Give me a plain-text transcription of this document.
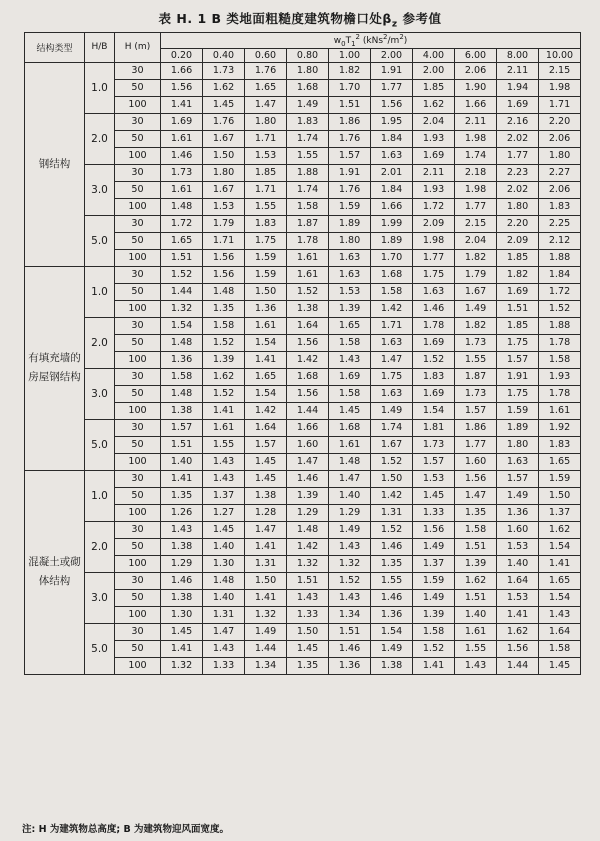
表 H. 1 B 类地面粗糙度建筑物檐口处$\beta_z$ 参考值
结构类型	H/B	H (m)	$w_0T_1^2$ $(kNs^2/m^2)$									
			0.20	0.40	0.60	0.80	1.00	2.00	4.00	6.00	8.00	10.00
钢结构	1.0	30	1.66	1.73	1.76	1.80	1.82	1.91	2.00	2.06	2.11	2.15
		50	1.56	1.62	1.65	1.68	1.70	1.77	1.85	1.90	1.94	1.98
		100	1.41	1.45	1.47	1.49	1.51	1.56	1.62	1.66	1.69	1.71
	2.0	30	1.69	1.76	1.80	1.83	1.86	1.95	2.04	2.11	2.16	2.20
		50	1.61	1.67	1.71	1.74	1.76	1.84	1.93	1.98	2.02	2.06
		100	1.46	1.50	1.53	1.55	1.57	1.63	1.69	1.74	1.77	1.80
	3.0	30	1.73	1.80	1.85	1.88	1.91	2.01	2.11	2.18	2.23	2.27
		50	1.61	1.67	1.71	1.74	1.76	1.84	1.93	1.98	2.02	2.06
		100	1.48	1.53	1.55	1.58	1.59	1.66	1.72	1.77	1.80	1.83
	5.0	30	1.72	1.79	1.83	1.87	1.89	1.99	2.09	2.15	2.20	2.25
		50	1.65	1.71	1.75	1.78	1.80	1.89	1.98	2.04	2.09	2.12
		100	1.51	1.56	1.59	1.61	1.63	1.70	1.77	1.82	1.85	1.88
有填充墙的房屋钢结构	1.0	30	1.52	1.56	1.59	1.61	1.63	1.68	1.75	1.79	1.82	1.84
		50	1.44	1.48	1.50	1.52	1.53	1.58	1.63	1.67	1.69	1.72
		100	1.32	1.35	1.36	1.38	1.39	1.42	1.46	1.49	1.51	1.52
	2.0	30	1.54	1.58	1.61	1.64	1.65	1.71	1.78	1.82	1.85	1.88
		50	1.48	1.52	1.54	1.56	1.58	1.63	1.69	1.73	1.75	1.78
		100	1.36	1.39	1.41	1.42	1.43	1.47	1.52	1.55	1.57	1.58
	3.0	30	1.58	1.62	1.65	1.68	1.69	1.75	1.83	1.87	1.91	1.93
		50	1.48	1.52	1.54	1.56	1.58	1.63	1.69	1.73	1.75	1.78
		100	1.38	1.41	1.42	1.44	1.45	1.49	1.54	1.57	1.59	1.61
	5.0	30	1.57	1.61	1.64	1.66	1.68	1.74	1.81	1.86	1.89	1.92
		50	1.51	1.55	1.57	1.60	1.61	1.67	1.73	1.77	1.80	1.83
		100	1.40	1.43	1.45	1.47	1.48	1.52	1.57	1.60	1.63	1.65
混凝土或砌体结构	1.0	30	1.41	1.43	1.45	1.46	1.47	1.50	1.53	1.56	1.57	1.59
		50	1.35	1.37	1.38	1.39	1.40	1.42	1.45	1.47	1.49	1.50
		100	1.26	1.27	1.28	1.29	1.29	1.31	1.33	1.35	1.36	1.37
	2.0	30	1.43	1.45	1.47	1.48	1.49	1.52	1.56	1.58	1.60	1.62
		50	1.38	1.40	1.41	1.42	1.43	1.46	1.49	1.51	1.53	1.54
		100	1.29	1.30	1.31	1.32	1.32	1.35	1.37	1.39	1.40	1.41
	3.0	30	1.46	1.48	1.50	1.51	1.52	1.55	1.59	1.62	1.64	1.65
		50	1.38	1.40	1.41	1.43	1.43	1.46	1.49	1.51	1.53	1.54
		100	1.30	1.31	1.32	1.33	1.34	1.36	1.39	1.40	1.41	1.43
	5.0	30	1.45	1.47	1.49	1.50	1.51	1.54	1.58	1.61	1.62	1.64
		50	1.41	1.43	1.44	1.45	1.46	1.49	1.52	1.55	1.56	1.58
		100	1.32	1.33	1.34	1.35	1.36	1.38	1.41	1.43	1.44	1.45
注: H 为建筑物总高度; B 为建筑物迎风面宽度。
